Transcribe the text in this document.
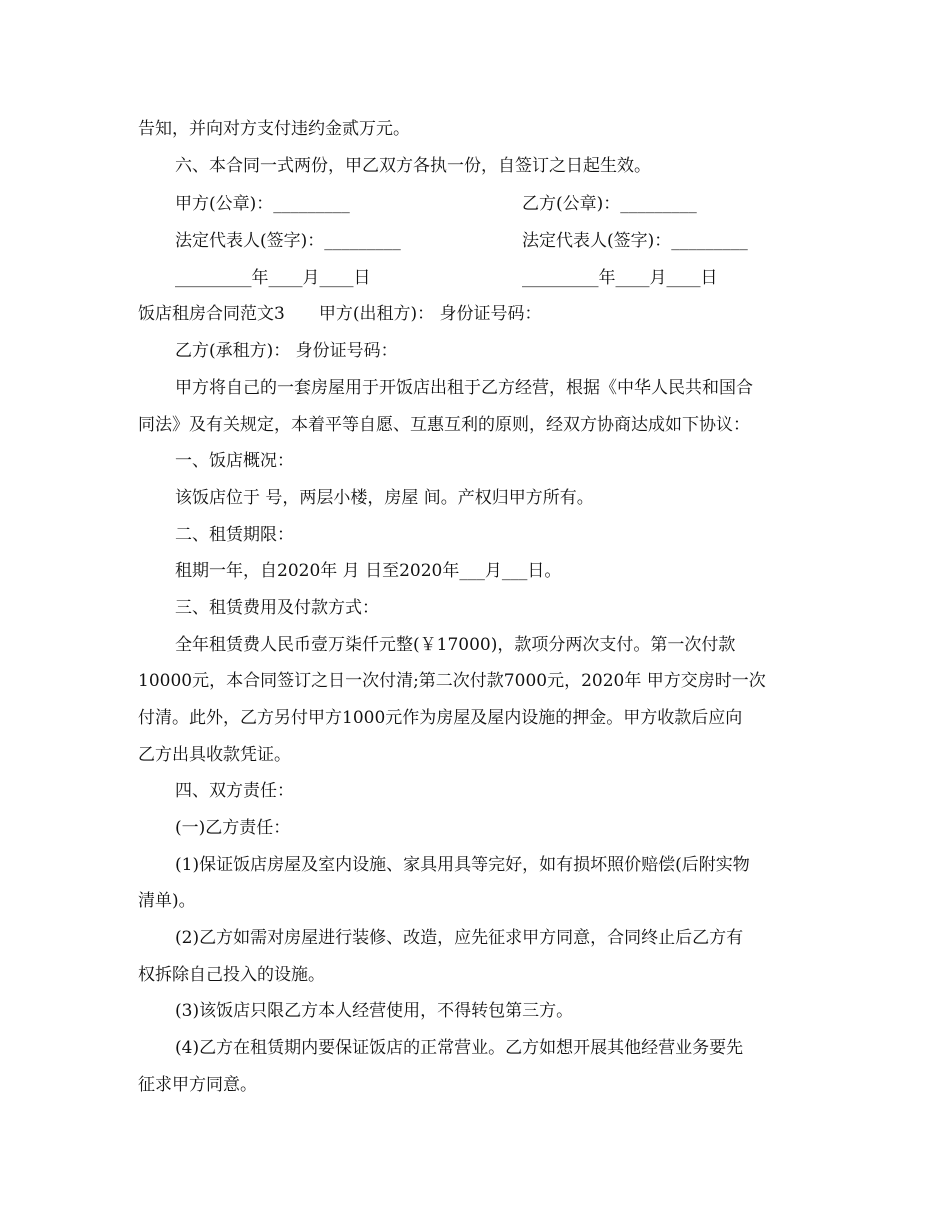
告知，并向对方支付违约金贰万元。
六、本合同一式两份，甲乙双方各执一份，自签订之日起生效。
甲方(公章)：_________	乙方(公章)：_________
法定代表人(签字)：_________	法定代表人(签字)：_________
_________年____月____日	_________年____月____日
饭店租房合同范文3　　甲方(出租方)： 身份证号码：
乙方(承租方)： 身份证号码：
甲方将自己的一套房屋用于开饭店出租于乙方经营，根据《中华人民共和国合
同法》及有关规定，本着平等自愿、互惠互利的原则，经双方协商达成如下协议：
一、饭店概况：
该饭店位于 号，两层小楼，房屋 间。产权归甲方所有。
二、租赁期限：
租期一年，自2020年 月 日至2020年___月___日。
三、租赁费用及付款方式：
全年租赁费人民币壹万柒仟元整(￥17000)，款项分两次支付。第一次付款
10000元，本合同签订之日一次付清;第二次付款7000元，2020年 甲方交房时一次
付清。此外，乙方另付甲方1000元作为房屋及屋内设施的押金。甲方收款后应向
乙方出具收款凭证。
四、双方责任：
(一)乙方责任：
(1)保证饭店房屋及室内设施、家具用具等完好，如有损坏照价赔偿(后附实物
清单)。
(2)乙方如需对房屋进行装修、改造，应先征求甲方同意，合同终止后乙方有
权拆除自己投入的设施。
(3)该饭店只限乙方本人经营使用，不得转包第三方。
(4)乙方在租赁期内要保证饭店的正常营业。乙方如想开展其他经营业务要先
征求甲方同意。
